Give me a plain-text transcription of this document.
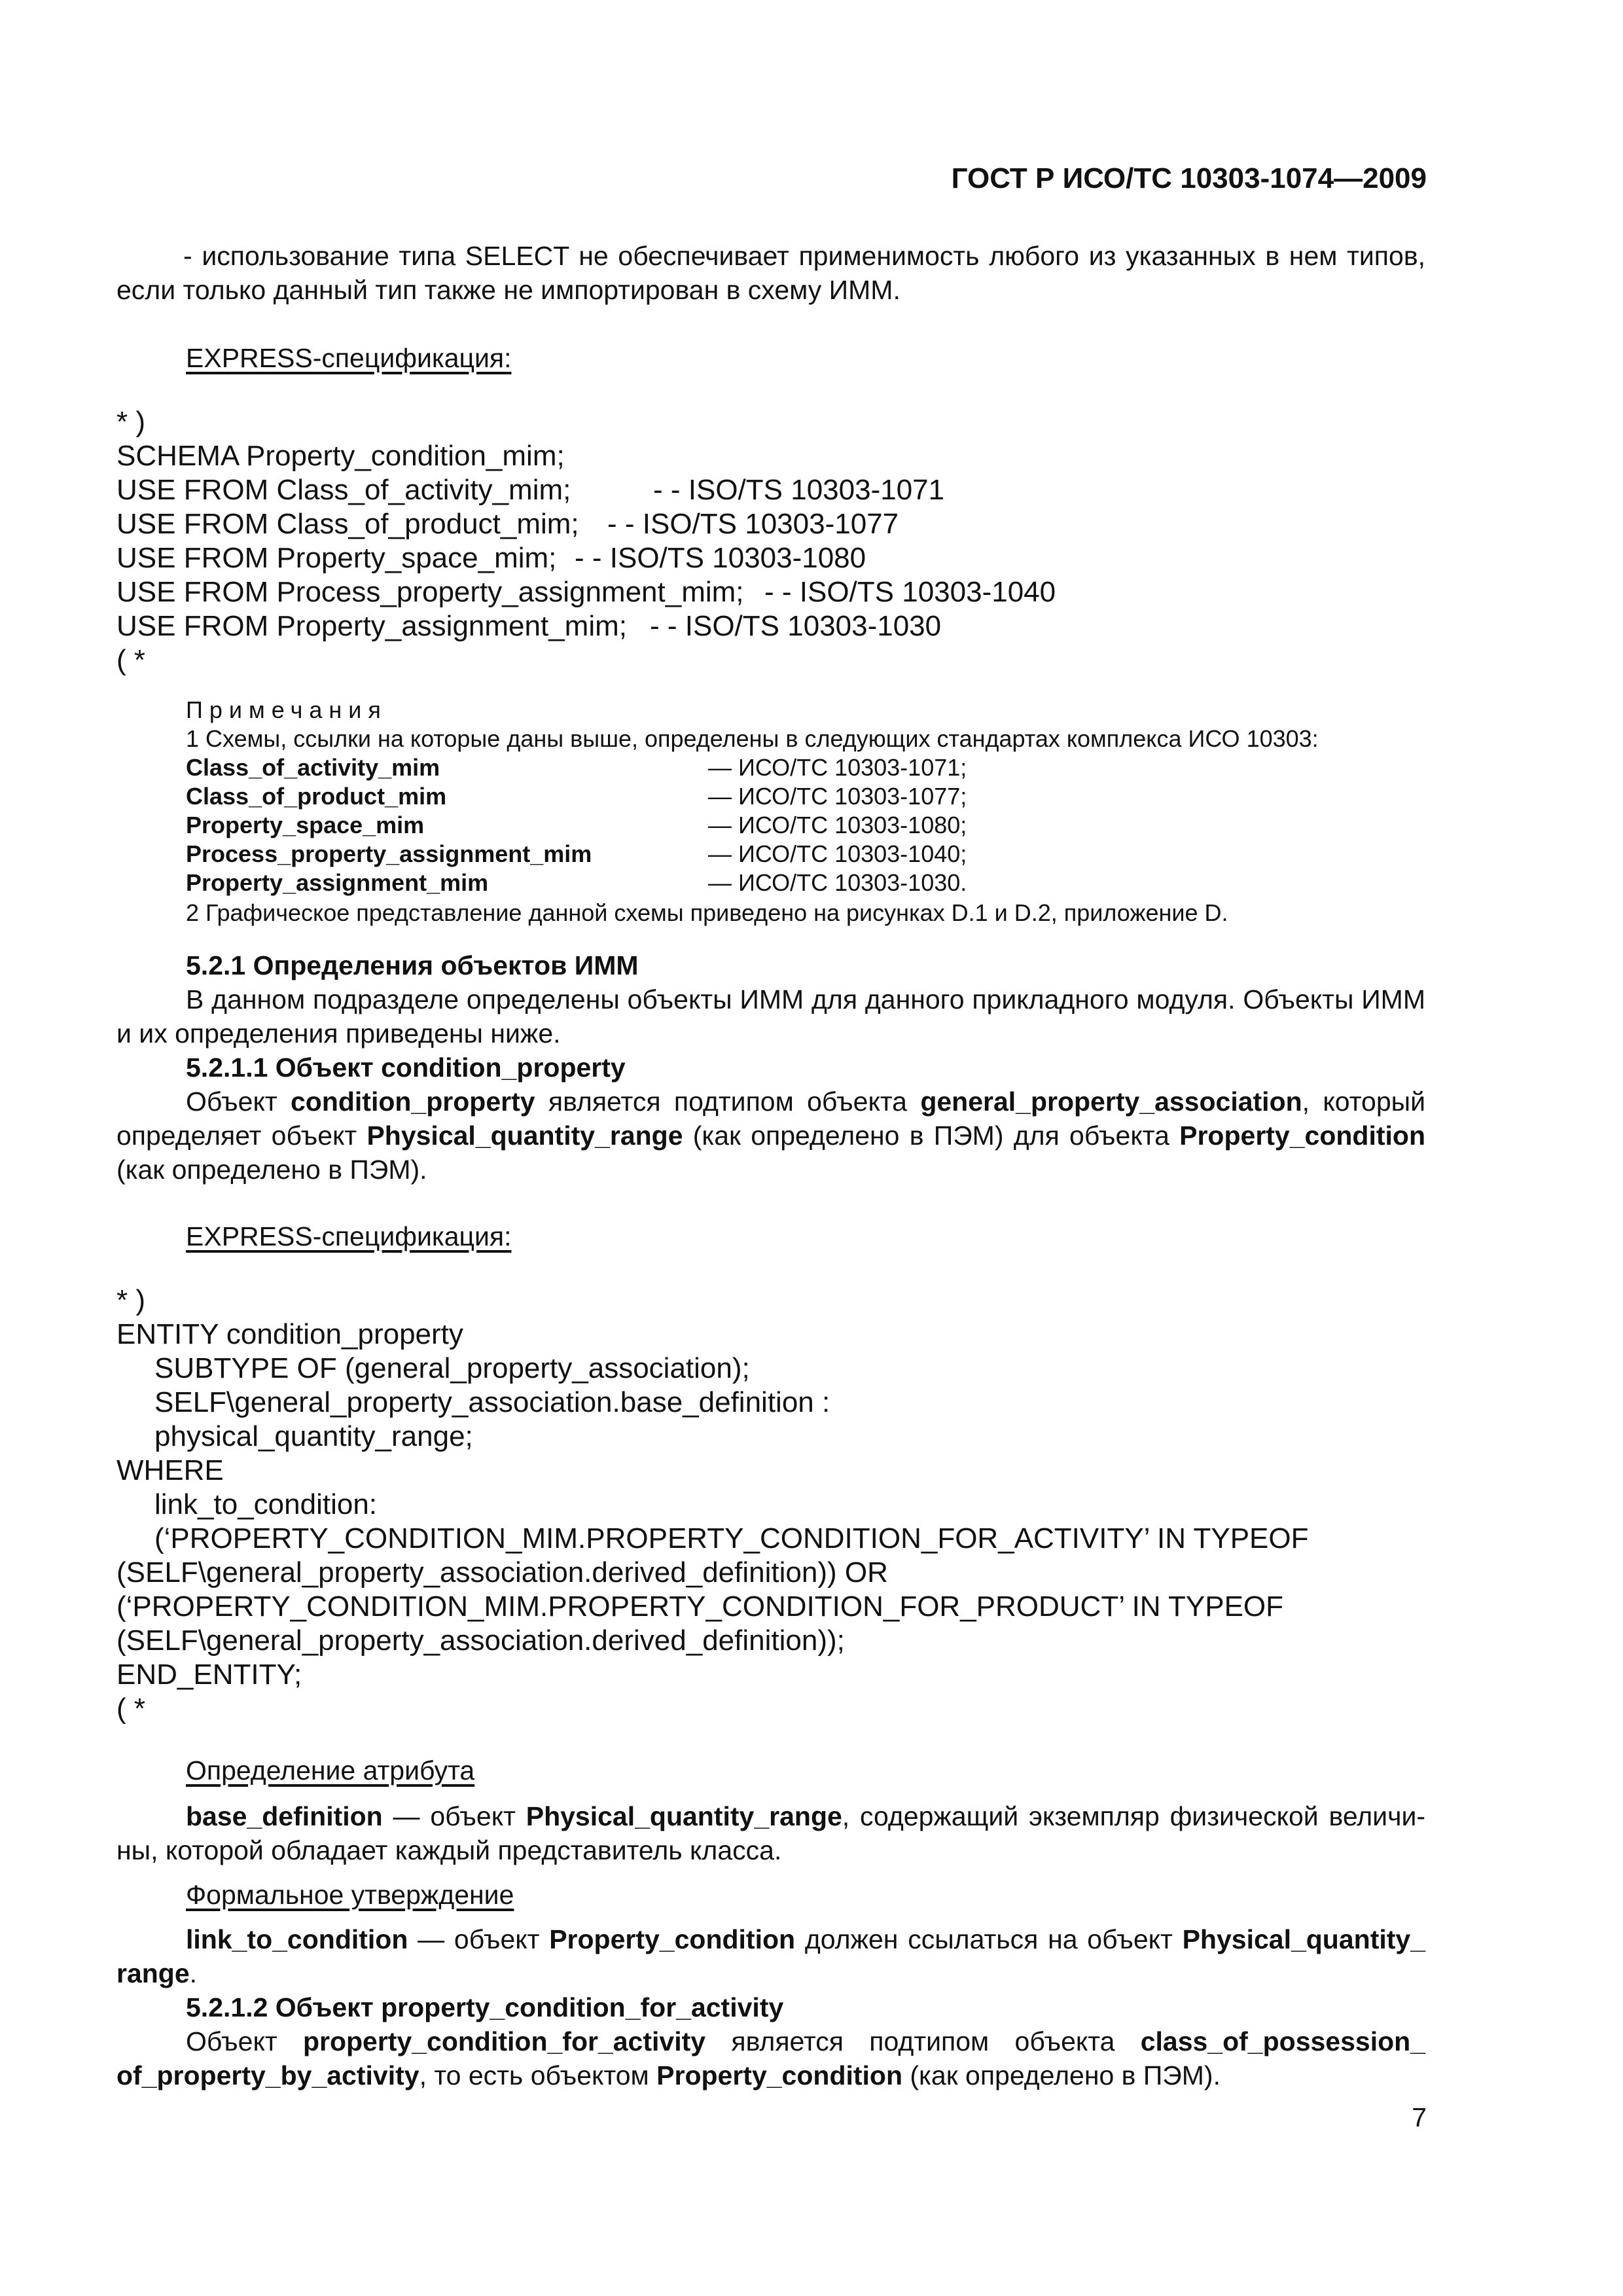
ГОСТ Р ИСО/ТС 10303-1074—2009
- использование типа SELECT не обеспечивает применимость любого из указанных в нем типов,
если только данный тип также не импортирован в схему ИММ.
EXPRESS-спецификация:
* )
SCHEMA Property_condition_mim;
USE FROM Class_of_activity_mim;	- - ISO/TS 10303-1071
USE FROM Class_of_product_mim; - - ISO/TS 10303-1077
USE FROM Property_space_mim; - - ISO/TS 10303-1080
USE FROM Process_property_assignment_mim; - - ISO/TS 10303-1040
USE FROM Property_assignment_mim; - - ISO/TS 10303-1030
( *
Примечания
1 Схемы, ссылки на которые даны выше, определены в следующих стандартах комплекса ИСО 10303:
Class_of_activity_mim	— ИСО/ТС 10303-1071;
Class_of_product_mim	— ИСО/ТС 10303-1077;
Property_space_mim	— ИСО/ТС 10303-1080;
Process_property_assignment_mim	— ИСО/ТС 10303-1040;
Property_assignment_mim	— ИСО/ТС 10303-1030.
2 Графическое представление данной схемы приведено на рисунках D.1 и D.2, приложение D.
5.2.1 Определения объектов ИММ
В данном подразделе определены объекты ИММ для данного прикладного модуля. Объекты ИММ
и их определения приведены ниже.
5.2.1.1 Объект condition_property
Объект condition_property является подтипом объекта general_property_association, который
определяет объект Physical_quantity_range (как определено в ПЭМ) для объекта Property_condition
(как определено в ПЭМ).
EXPRESS-спецификация:
* )
ENTITY condition_property
SUBTYPE OF (general_property_association);
SELF\general_property_association.base_definition :
physical_quantity_range;
WHERE
link_to_condition:
(‘PROPERTY_CONDITION_MIM.PROPERTY_CONDITION_FOR_ACTIVITY’ IN TYPEOF
(SELF\general_property_association.derived_definition)) OR
(‘PROPERTY_CONDITION_MIM.PROPERTY_CONDITION_FOR_PRODUCT’ IN TYPEOF
(SELF\general_property_association.derived_definition));
END_ENTITY;
( *
Определение атрибута
base_definition — объект Physical_quantity_range, содержащий экземпляр физической величи-
ны, которой обладает каждый представитель класса.
Формальное утверждение
link_to_condition — объект Property_condition должен ссылаться на объект Physical_quantity_
range.
5.2.1.2 Объект property_condition_for_activity
Объект property_condition_for_activity является подтипом объекта class_of_possession_
of_property_by_activity, то есть объектом Property_condition (как определено в ПЭМ).
7
